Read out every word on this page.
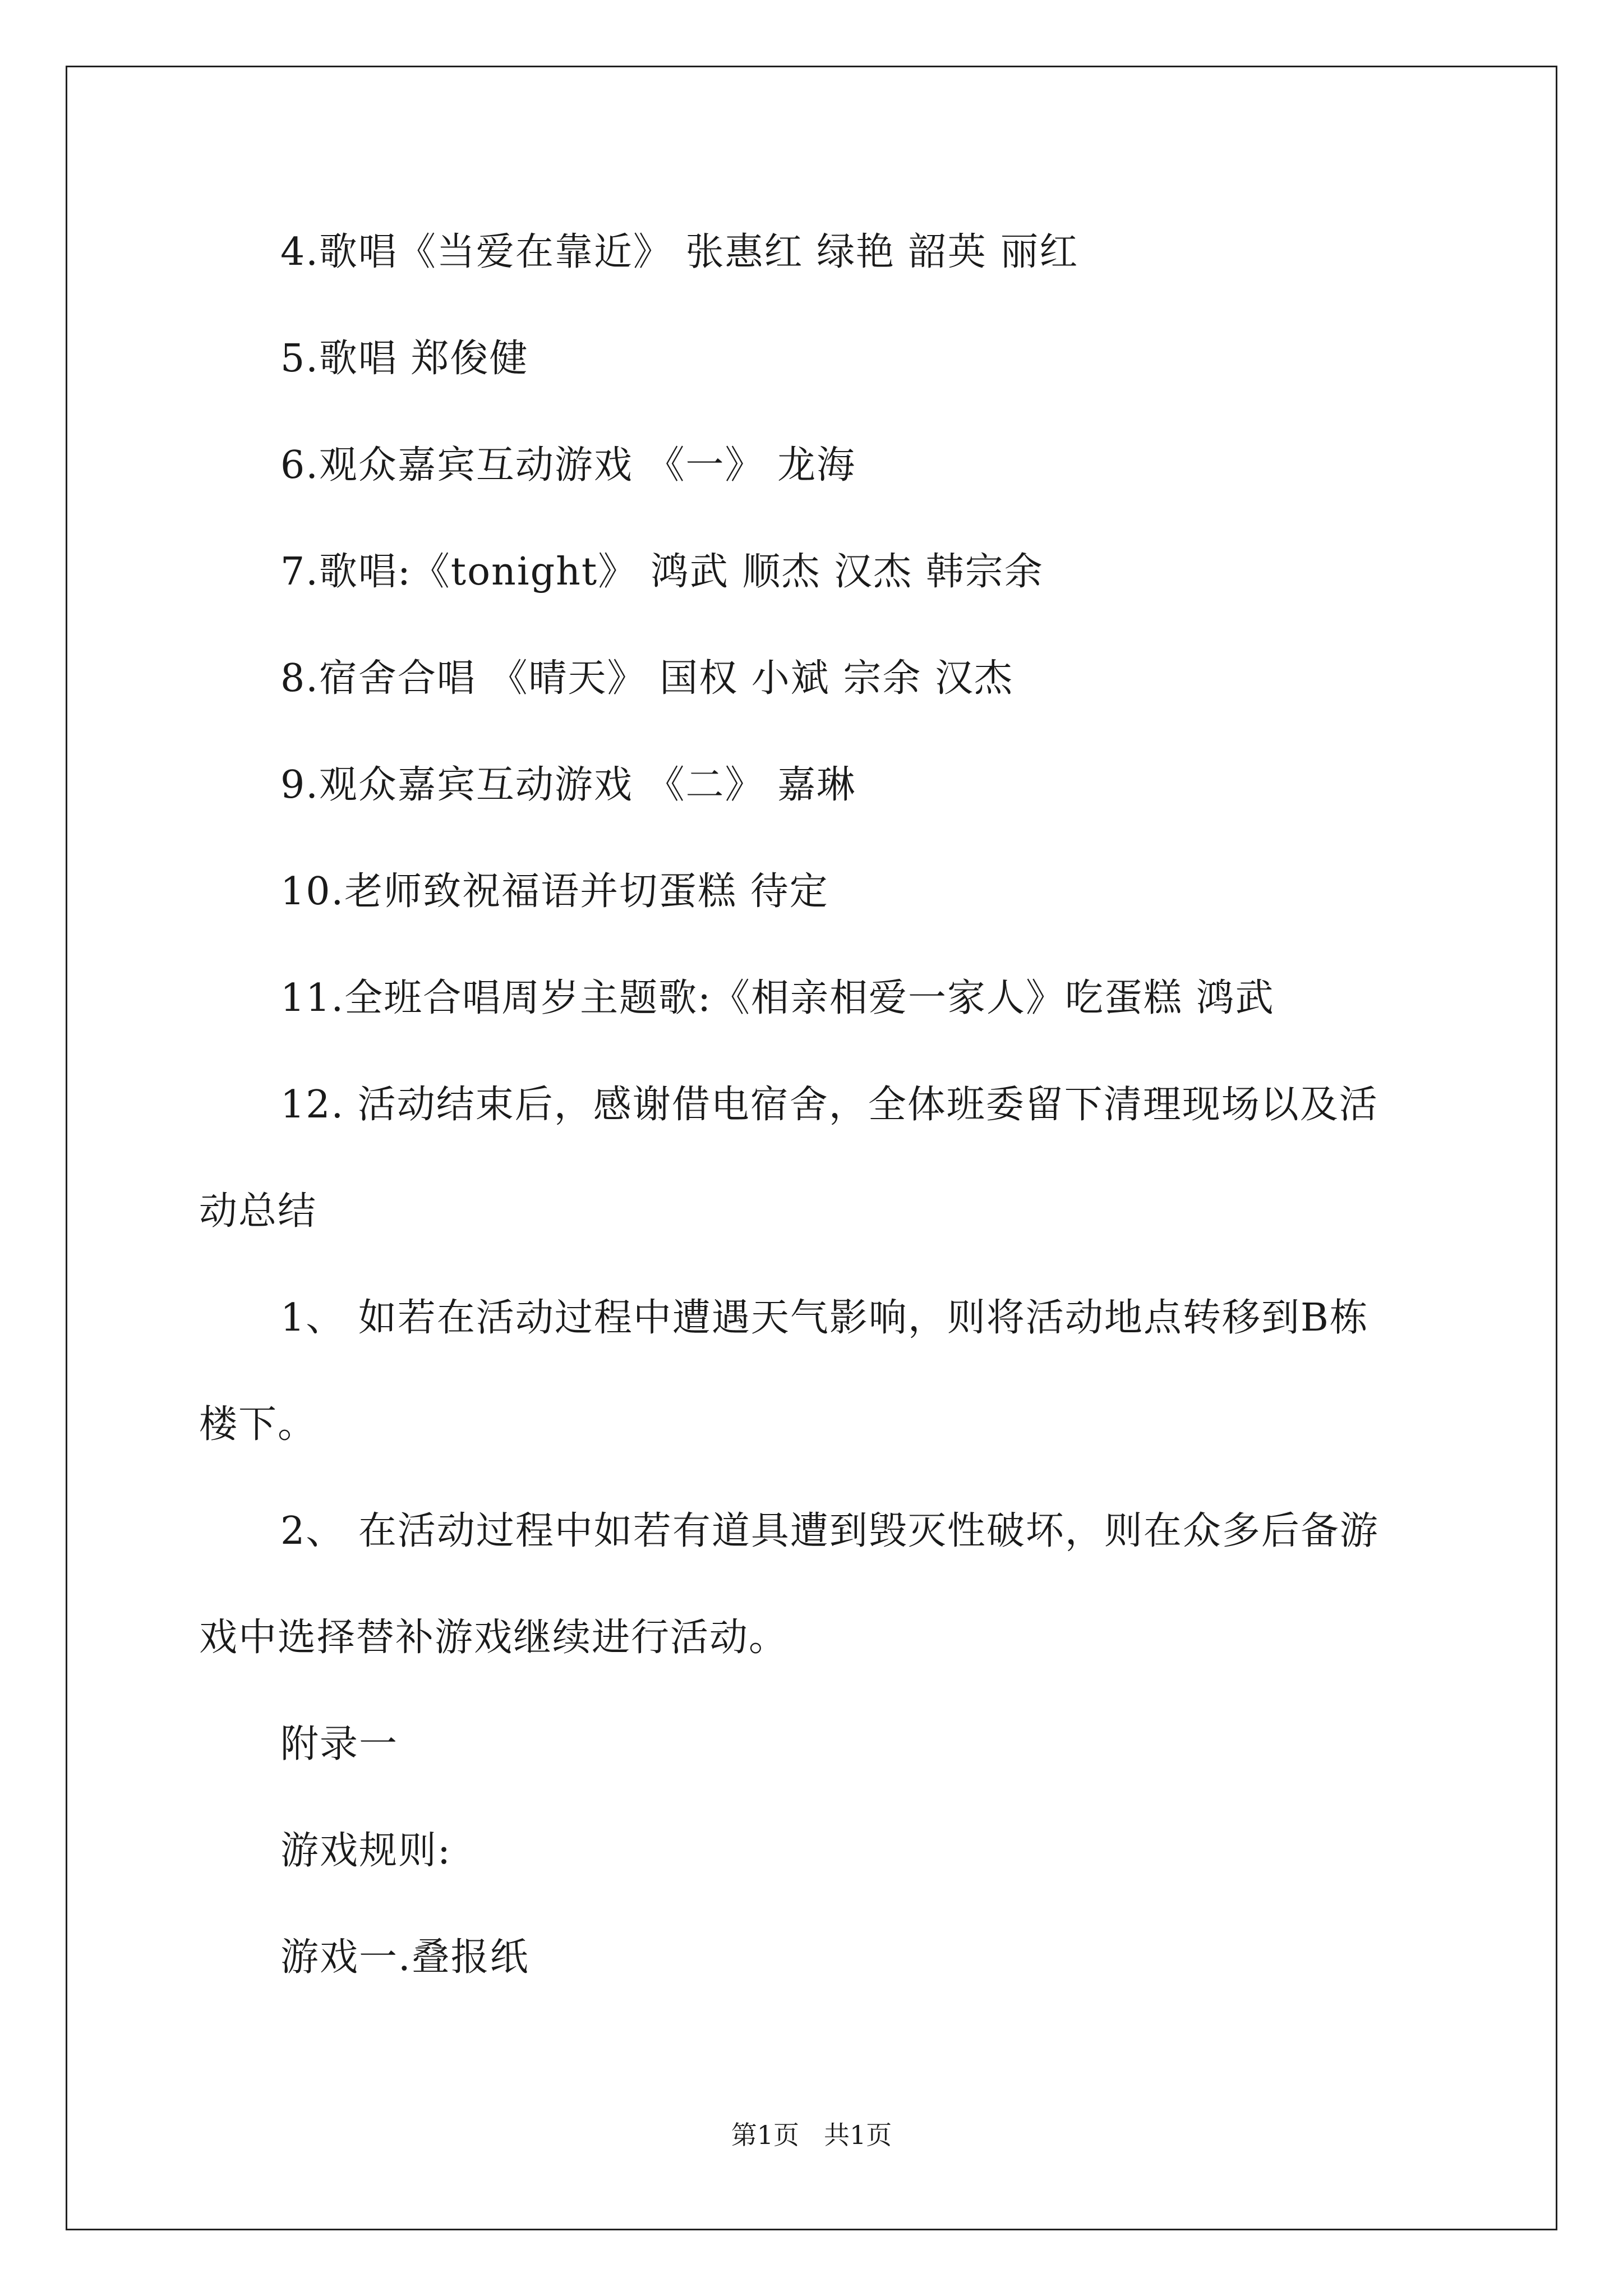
4.歌唱《当爱在靠近》 张惠红 绿艳 韶英 丽红
5.歌唱 郑俊健
6.观众嘉宾互动游戏 《一》 龙海
7.歌唱:《tonight》 鸿武 顺杰 汉杰 韩宗余
8.宿舍合唱 《晴天》 国权 小斌 宗余 汉杰
9.观众嘉宾互动游戏 《二》 嘉琳
10.老师致祝福语并切蛋糕 待定
11.全班合唱周岁主题歌:《相亲相爱一家人》吃蛋糕 鸿武
12. 活动结束后，感谢借电宿舍，全体班委留下清理现场以及活
动总结
1、 如若在活动过程中遭遇天气影响，则将活动地点转移到B栋
楼下。
2、 在活动过程中如若有道具遭到毁灭性破坏，则在众多后备游
戏中选择替补游戏继续进行活动。
附录一
游戏规则:
游戏一.叠报纸
第1页 共1页
